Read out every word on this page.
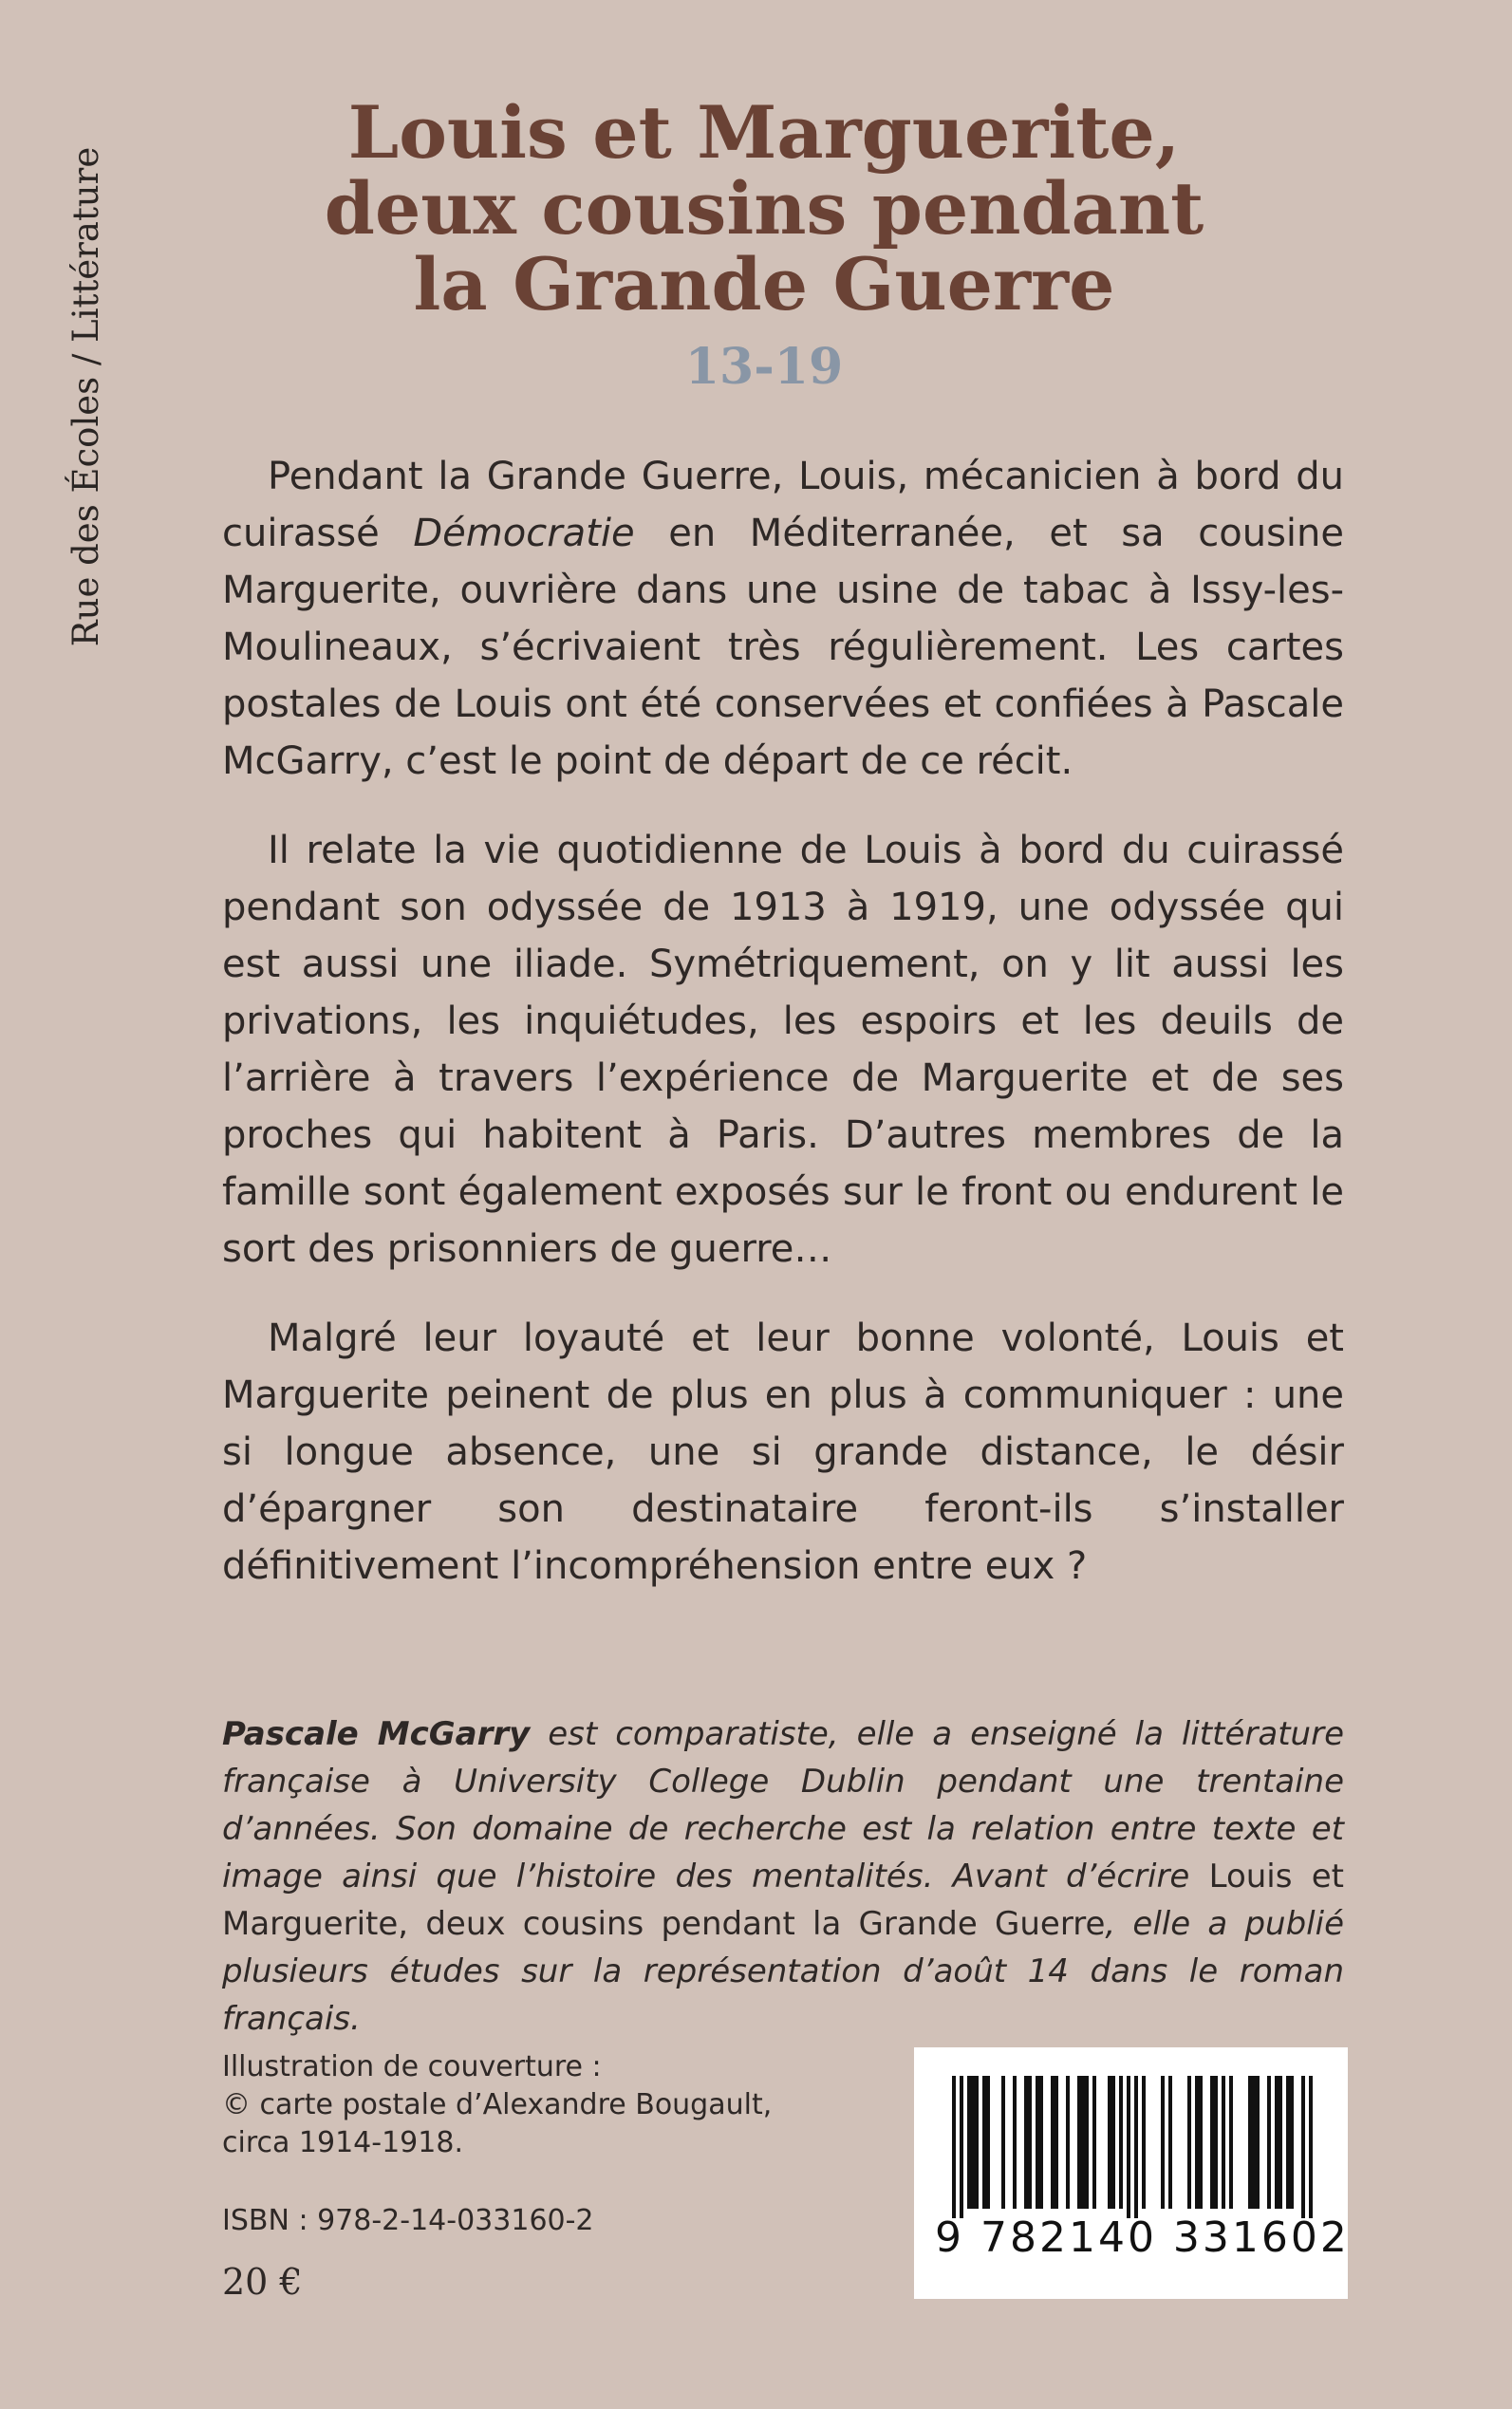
Rue des Écoles / Littérature
Louis et Marguerite,
deux cousins pendant
la Grande Guerre
13-19

Pendant la Grande Guerre, Louis, mécanicien à bord du cuirassé Démocratie en Méditerranée, et sa cousine Marguerite, ouvrière dans une usine de tabac à Issy-les-Moulineaux, s’écrivaient très régulièrement. Les cartes postales de Louis ont été conservées et confiées à Pascale McGarry, c’est le point de départ de ce récit.

Il relate la vie quotidienne de Louis à bord du cuirassé pendant son odyssée de 1913 à 1919, une odyssée qui est aussi une iliade. Symétriquement, on y lit aussi les privations, les inquiétudes, les espoirs et les deuils de l’arrière à travers l’expérience de Marguerite et de ses proches qui habitent à Paris. D’autres membres de la famille sont également exposés sur le front ou endurent le sort des prisonniers de guerre…

Malgré leur loyauté et leur bonne volonté, Louis et Marguerite peinent de plus en plus à communiquer : une si longue absence, une si grande distance, le désir d’épargner son destinataire feront-ils s’installer définitivement l’incompréhension entre eux ?

Pascale McGarry est comparatiste, elle a enseigné la littérature française à University College Dublin pendant une trentaine d’années. Son domaine de recherche est la relation entre texte et image ainsi que l’histoire des mentalités. Avant d’écrire Louis et Marguerite, deux cousins pendant la Grande Guerre, elle a publié plusieurs études sur la représentation d’août 14 dans le roman français.
Illustration de couverture :
© carte postale d’Alexandre Bougault,
circa 1914-1918.
ISBN : 978-2-14-033160-2
20 €
9 782140 331602
